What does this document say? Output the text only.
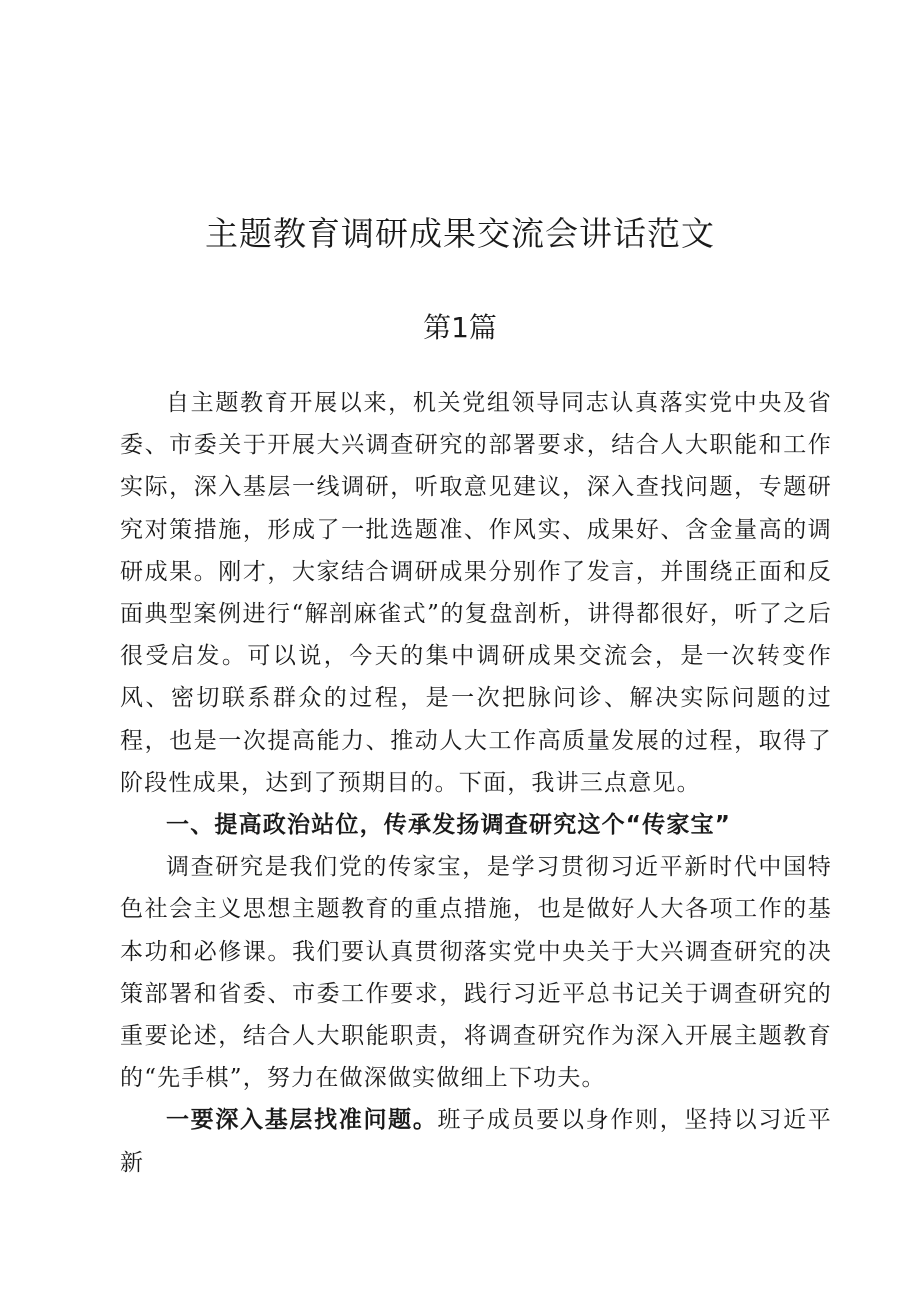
主题教育调研成果交流会讲话范文
第1篇

自主题教育开展以来，机关党组领导同志认真落实党中央及省委、市委关于开展大兴调查研究的部署要求，结合人大职能和工作实际，深入基层一线调研，听取意见建议，深入查找问题，专题研究对策措施，形成了一批选题准、作风实、成果好、含金量高的调研成果。刚才，大家结合调研成果分别作了发言，并围绕正面和反面典型案例进行“解剖麻雀式”的复盘剖析，讲得都很好，听了之后很受启发。可以说，今天的集中调研成果交流会，是一次转变作风、密切联系群众的过程，是一次把脉问诊、解决实际问题的过程，也是一次提高能力、推动人大工作高质量发展的过程，取得了阶段性成果，达到了预期目的。下面，我讲三点意见。

一、提高政治站位，传承发扬调查研究这个“传家宝”

调查研究是我们党的传家宝，是学习贯彻习近平新时代中国特色社会主义思想主题教育的重点措施，也是做好人大各项工作的基本功和必修课。我们要认真贯彻落实党中央关于大兴调查研究的决策部署和省委、市委工作要求，践行习近平总书记关于调查研究的重要论述，结合人大职能职责，将调查研究作为深入开展主题教育的“先手棋”，努力在做深做实做细上下功夫。

一要深入基层找准问题。班子成员要以身作则，坚持以习近平新
